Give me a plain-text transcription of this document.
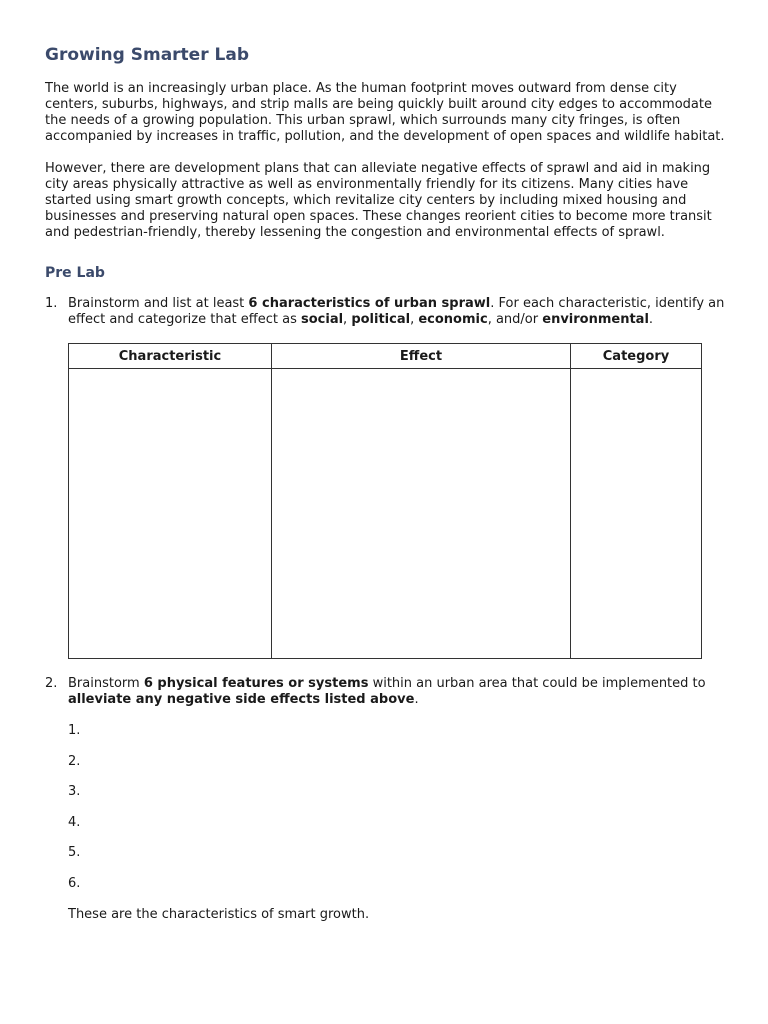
Growing Smarter Lab

The world is an increasingly urban place. As the human footprint moves outward from dense city centers, suburbs, highways, and strip malls are being quickly built around city edges to accommodate the needs of a growing population. This urban sprawl, which surrounds many city fringes, is often accompanied by increases in traffic, pollution, and the development of open spaces and wildlife habitat.

However, there are development plans that can alleviate negative effects of sprawl and aid in making city areas physically attractive as well as environmentally friendly for its citizens. Many cities have started using smart growth concepts, which revitalize city centers by including mixed housing and businesses and preserving natural open spaces. These changes reorient cities to become more transit and pedestrian-friendly, thereby lessening the congestion and environmental effects of sprawl.

Pre Lab
1. Brainstorm and list at least 6 characteristics of urban sprawl. For each characteristic, identify an effect and categorize that effect as social, political, economic, and/or environmental.
Characteristic	Effect	Category

2. Brainstorm 6 physical features or systems within an urban area that could be implemented to alleviate any negative side effects listed above.
1.
2.
3.
4.
5.
6.

These are the characteristics of smart growth.
